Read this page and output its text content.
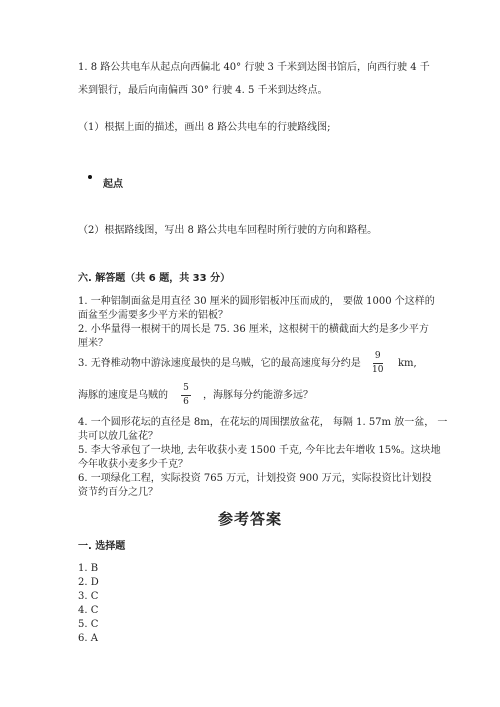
1. 8 路公共电车从起点向西偏北 40° 行驶 3 千米到达图书馆后，向西行驶 4 千
米到银行，最后向南偏西 30° 行驶 4. 5 千米到达终点。
（1）根据上面的描述，画出 8 路公共电车的行驶路线图;
起点
（2）根据路线图，写出 8 路公共电车回程时所行驶的方向和路程。
六. 解答题（共 6 题，共 33 分）
1. 一种铝制面盆是用直径 30 厘米的圆形铝板冲压而成的， 要做 1000 个这样的
面盆至少需要多少平方米的铝板？
2. 小华量得一根树干的周长是 75. 36 厘米，这根树干的横截面大约是多少平方
厘米？
3. 无脊椎动物中游泳速度最快的是乌贼，它的最高速度每分约是
9
10
km,
海豚的速度是乌贼的
5
6
，海豚每分约能游多远？
4. 一个圆形花坛的直径是 8m，在花坛的周围摆放盆花， 每隔 1. 57m 放一盆， 一
共可以放几盆花？
5. 李大爷承包了一块地, 去年收获小麦 1500 千克, 今年比去年增收 15%。这块地
今年收获小麦多少千克？
6. 一项绿化工程，实际投资 765 万元，计划投资 900 万元，实际投资比计划投
资节约百分之几？
参考答案
一. 选择题
1. B
2. D
3. C
4. C
5. C
6. A
